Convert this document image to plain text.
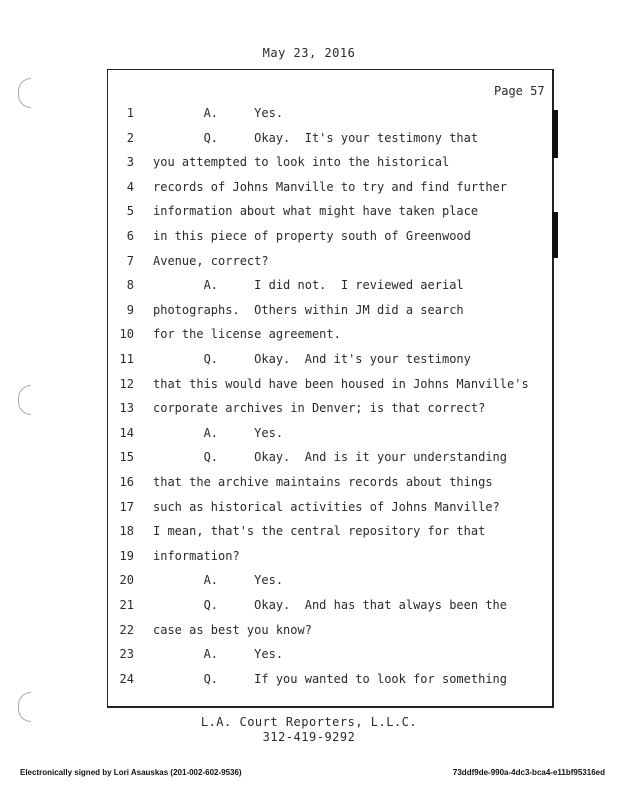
May 23, 2016
Page 57
1 A.     Yes.
2 Q.     Okay.  It's your testimony that
3 you attempted to look into the historical
4 records of Johns Manville to try and find further
5 information about what might have taken place
6 in this piece of property south of Greenwood
7 Avenue, correct?
8 A.     I did not.  I reviewed aerial
9 photographs.  Others within JM did a search
10 for the license agreement.
11 Q.     Okay.  And it's your testimony
12 that this would have been housed in Johns Manville's
13 corporate archives in Denver; is that correct?
14 A.     Yes.
15 Q.     Okay.  And is it your understanding
16 that the archive maintains records about things
17 such as historical activities of Johns Manville?
18 I mean, that's the central repository for that
19 information?
20 A.     Yes.
21 Q.     Okay.  And has that always been the
22 case as best you know?
23 A.     Yes.
24 Q.     If you wanted to look for something
L.A. Court Reporters, L.L.C.
312-419-9292
Electronically signed by Lori Asauskas (201-002-602-9536)	73ddf9de-990a-4dc3-bca4-e11bf95316ed
